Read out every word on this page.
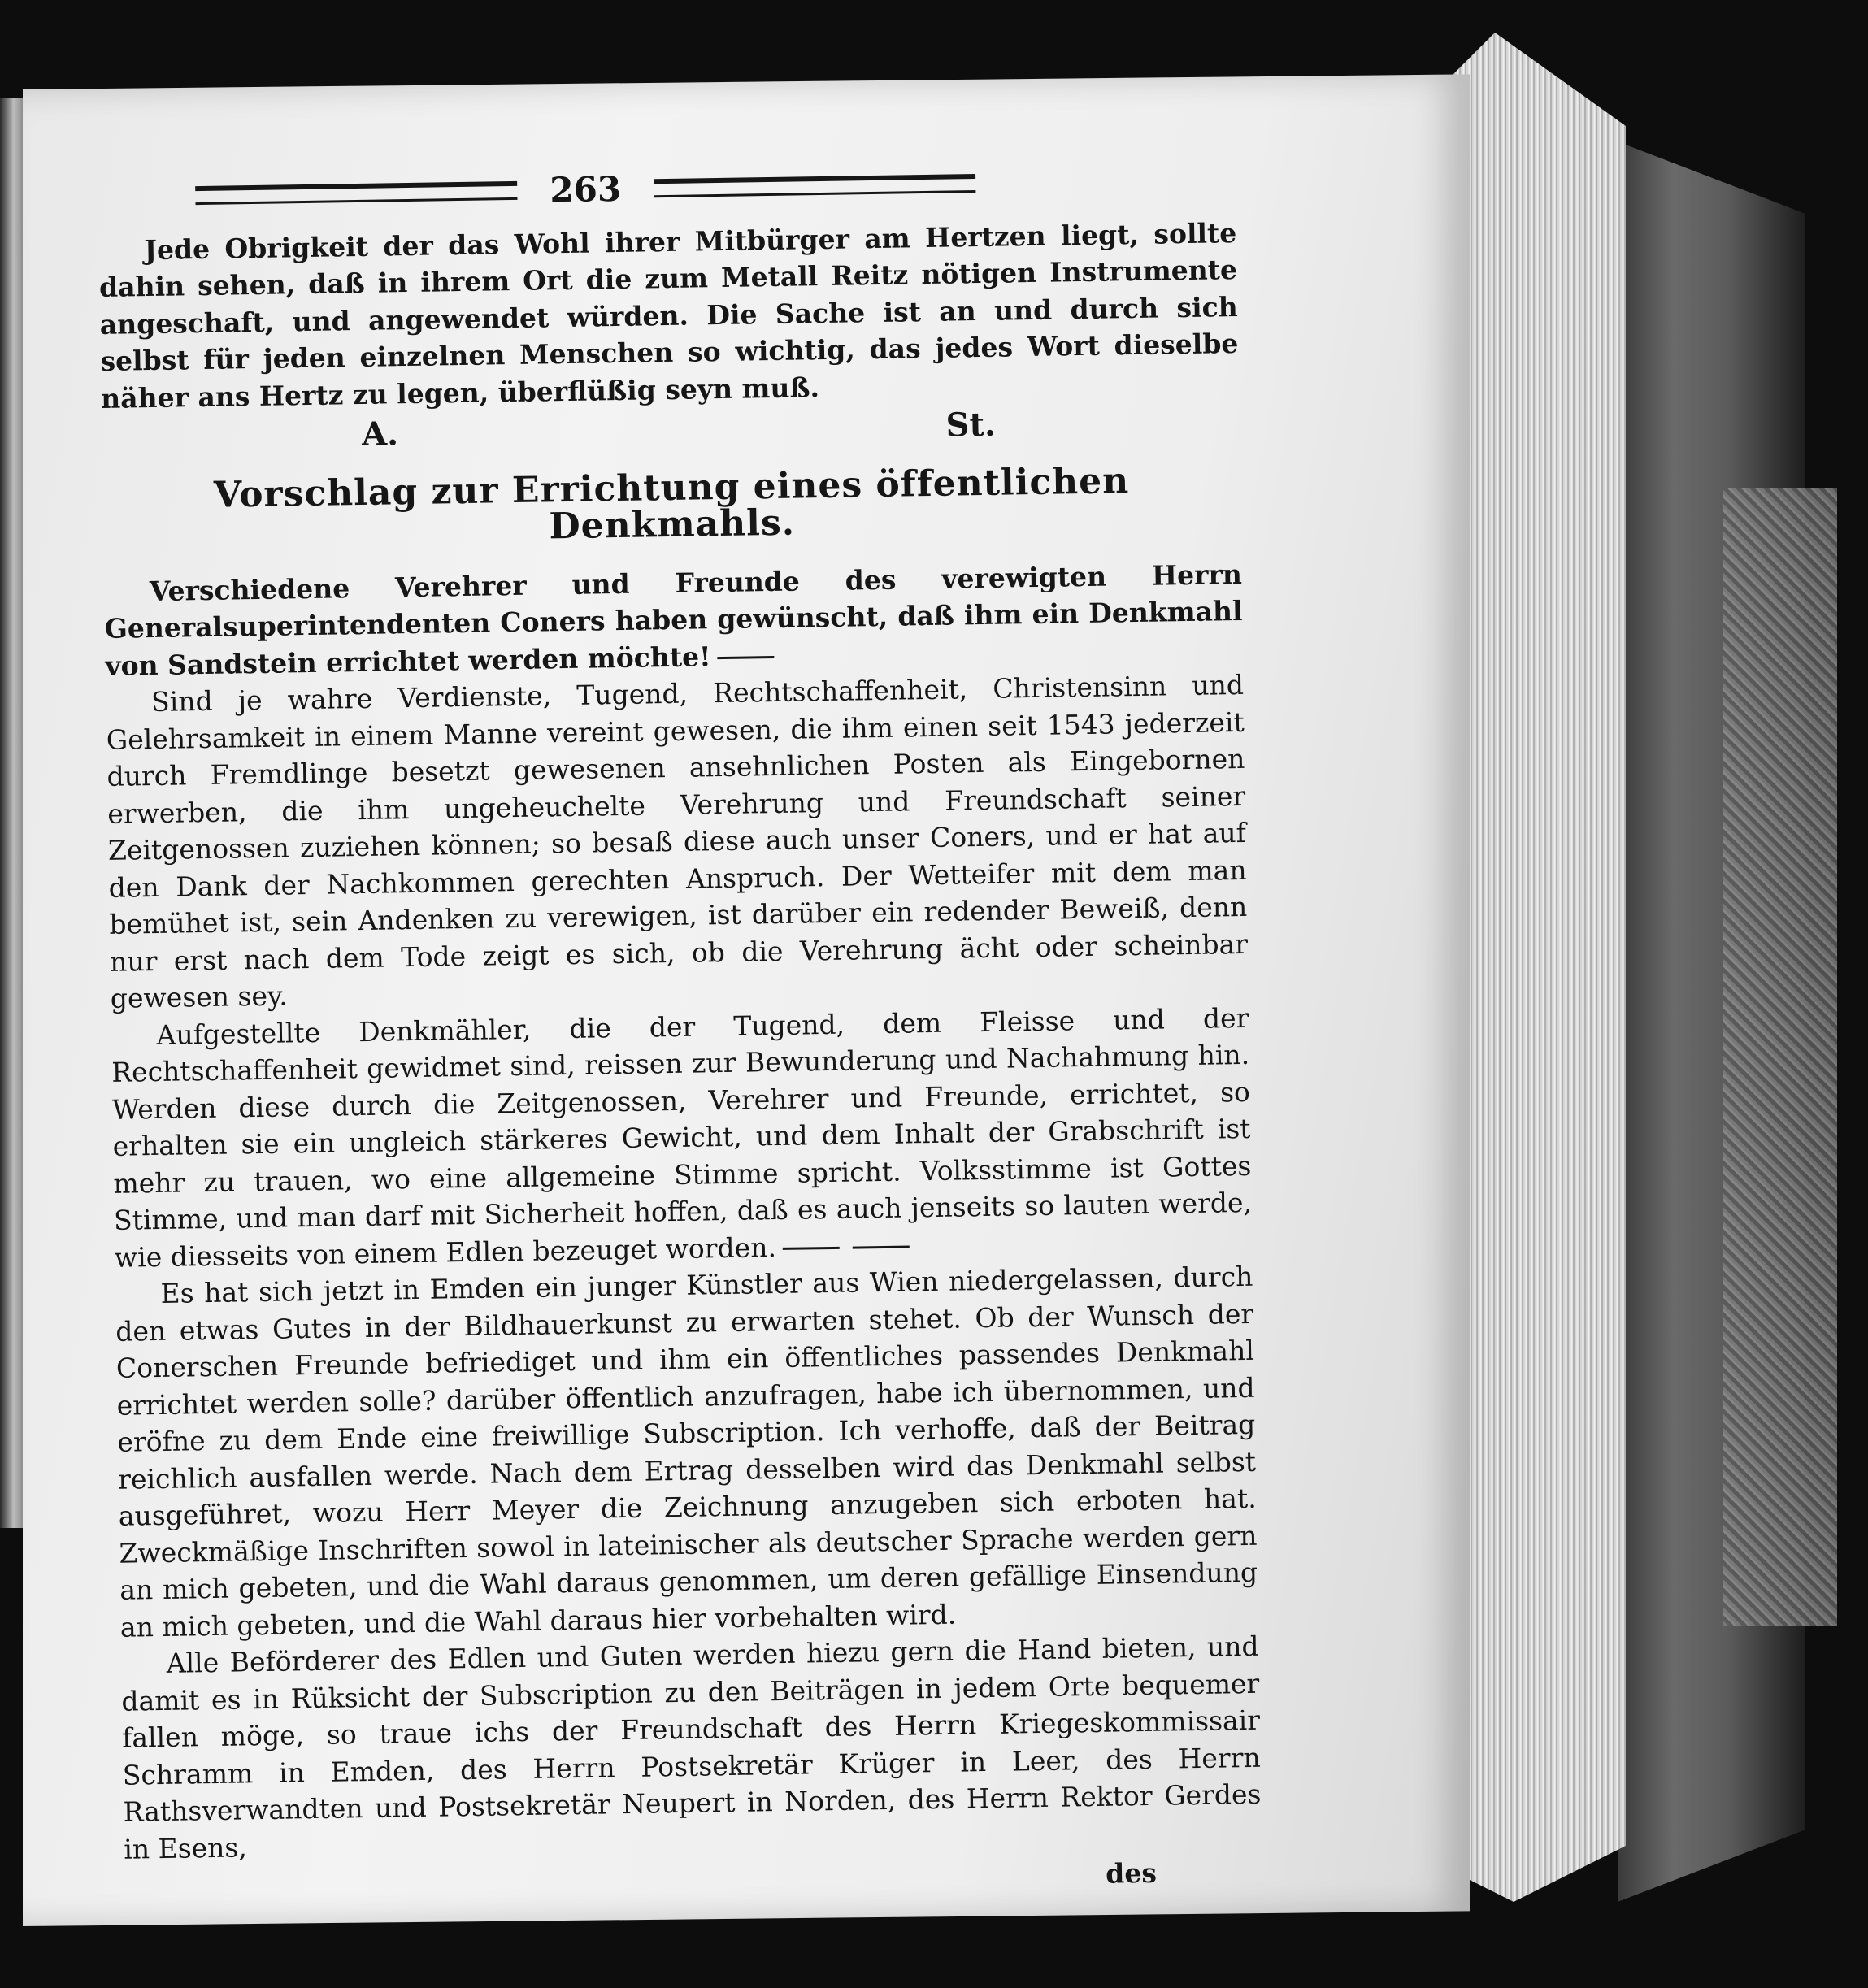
263

Jede Obrigkeit der das Wohl ihrer Mitbürger am Hertzen liegt, sollte dahin sehen, daß in ihrem Ort die zum Metall Reitz nötigen Instrumente angeschaft, und angewendet würden. Die Sache ist an und durch sich selbst für jeden einzelnen Menschen so wichtig, das jedes Wort dieselbe näher ans Hertz zu legen, überflüßig seyn muß.

A.	St.
Vorschlag zur Errichtung eines öffentlichen Denkmahls.

Verschiedene Verehrer und Freunde des verewigten Herrn Generalsuperintendenten Coners haben gewünscht, daß ihm ein Denkmahl von Sandstein errichtet werden möchte!

Sind je wahre Verdienste, Tugend, Rechtschaffenheit, Christensinn und Gelehrsamkeit in einem Manne vereint gewesen, die ihm einen seit 1543 jederzeit durch Fremdlinge besetzt gewesenen ansehnlichen Posten als Eingebornen erwerben, die ihm ungeheuchelte Verehrung und Freundschaft seiner Zeitgenossen zuziehen können; so besaß diese auch unser Coners, und er hat auf den Dank der Nachkommen gerechten Anspruch. Der Wetteifer mit dem man bemühet ist, sein Andenken zu verewigen, ist darüber ein redender Beweiß, denn nur erst nach dem Tode zeigt es sich, ob die Verehrung ächt oder scheinbar gewesen sey.

Aufgestellte Denkmähler, die der Tugend, dem Fleisse und der Rechtschaffenheit gewidmet sind, reissen zur Bewunderung und Nachahmung hin. Werden diese durch die Zeitgenossen, Verehrer und Freunde, errichtet, so erhalten sie ein ungleich stärkeres Gewicht, und dem Inhalt der Grabschrift ist mehr zu trauen, wo eine allgemeine Stimme spricht. Volksstimme ist Gottes Stimme, und man darf mit Sicherheit hoffen, daß es auch jenseits so lauten werde, wie diesseits von einem Edlen bezeuget worden.

Es hat sich jetzt in Emden ein junger Künstler aus Wien niedergelassen, durch den etwas Gutes in der Bildhauerkunst zu erwarten stehet. Ob der Wunsch der Conerschen Freunde befriediget und ihm ein öffentliches passendes Denkmahl errichtet werden solle? darüber öffentlich anzufragen, habe ich übernommen, und eröfne zu dem Ende eine freiwillige Subscription. Ich verhoffe, daß der Beitrag reichlich ausfallen werde. Nach dem Ertrag desselben wird das Denkmahl selbst ausgeführet, wozu Herr Meyer die Zeichnung anzugeben sich erboten hat. Zweckmäßige Inschriften sowol in lateinischer als deutscher Sprache werden gern an mich gebeten, und die Wahl daraus genommen, um deren gefällige Einsendung an mich gebeten, und die Wahl daraus hier vorbehalten wird.

Alle Beförderer des Edlen und Guten werden hiezu gern die Hand bieten, und damit es in Rüksicht der Subscription zu den Beiträgen in jedem Orte bequemer fallen möge, so traue ichs der Freundschaft des Herrn Kriegeskommissair Schramm in Emden, des Herrn Postsekretär Krüger in Leer, des Herrn Rathsverwandten und Postsekretär Neupert in Norden, des Herrn Rektor Gerdes in Esens,

des
